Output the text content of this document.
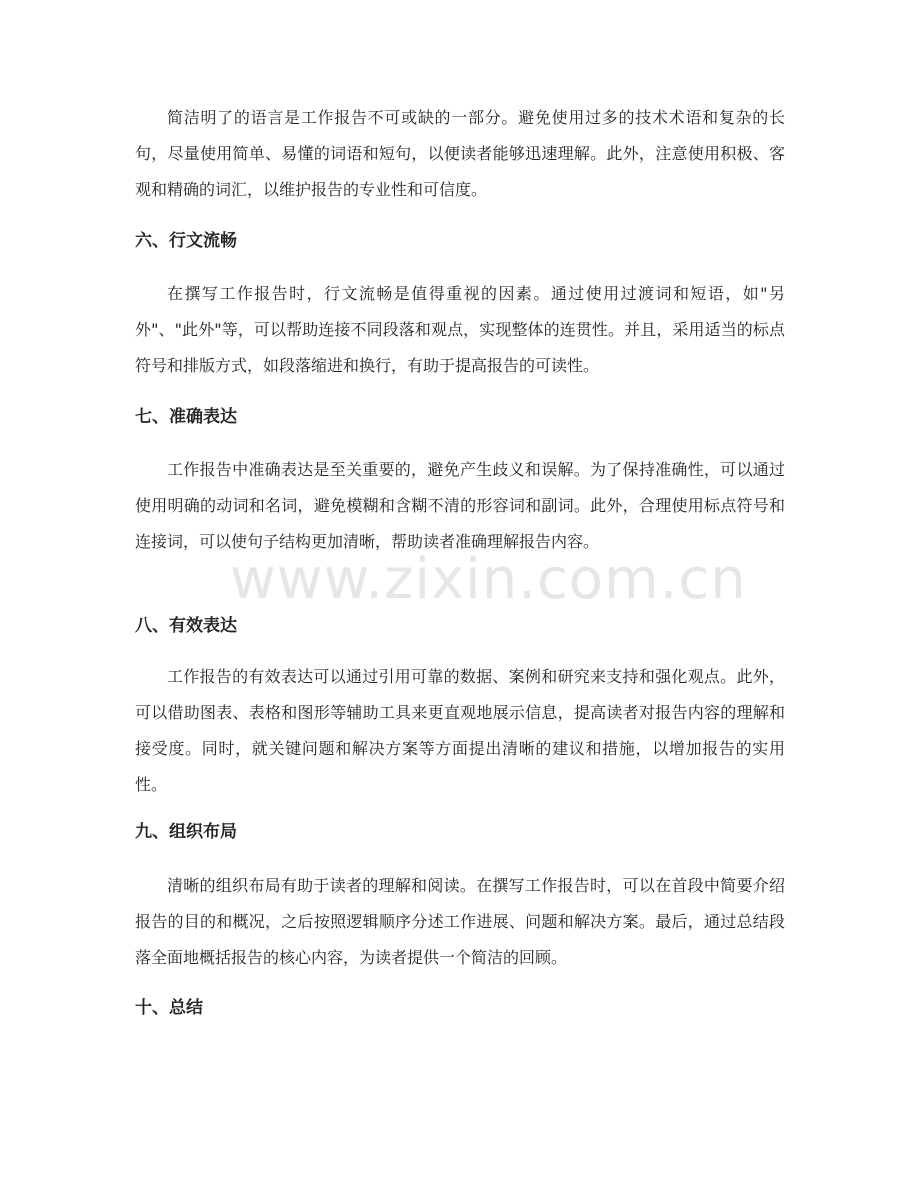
简洁明了的语言是工作报告不可或缺的一部分。避免使用过多的技术术语和复杂的长句，尽量使用简单、易懂的词语和短句，以便读者能够迅速理解。此外，注意使用积极、客观和精确的词汇，以维护报告的专业性和可信度。

六、行文流畅

在撰写工作报告时，行文流畅是值得重视的因素。通过使用过渡词和短语，如"另外"、"此外"等，可以帮助连接不同段落和观点，实现整体的连贯性。并且，采用适当的标点符号和排版方式，如段落缩进和换行，有助于提高报告的可读性。

七、准确表达

工作报告中准确表达是至关重要的，避免产生歧义和误解。为了保持准确性，可以通过使用明确的动词和名词，避免模糊和含糊不清的形容词和副词。此外，合理使用标点符号和连接词，可以使句子结构更加清晰，帮助读者准确理解报告内容。

八、有效表达

工作报告的有效表达可以通过引用可靠的数据、案例和研究来支持和强化观点。此外，可以借助图表、表格和图形等辅助工具来更直观地展示信息，提高读者对报告内容的理解和接受度。同时，就关键问题和解决方案等方面提出清晰的建议和措施，以增加报告的实用性。

九、组织布局

清晰的组织布局有助于读者的理解和阅读。在撰写工作报告时，可以在首段中简要介绍报告的目的和概况，之后按照逻辑顺序分述工作进展、问题和解决方案。最后，通过总结段落全面地概括报告的核心内容，为读者提供一个简洁的回顾。

十、总结
www.zixin.com.cn
